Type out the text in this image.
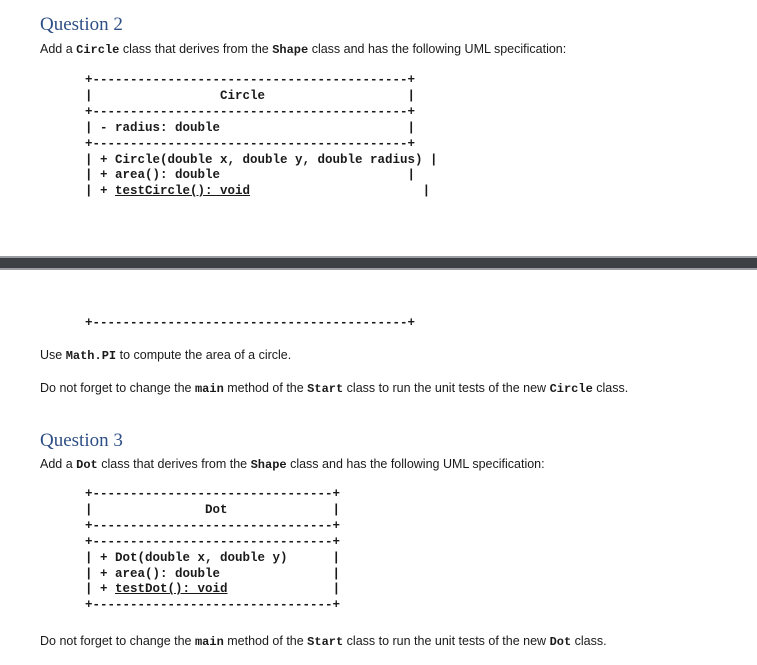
Question 2
Add a Circle class that derives from the Shape class and has the following UML specification:
+------------------------------------------+
|                 Circle                   |
+------------------------------------------+
| - radius: double                         |
+------------------------------------------+
| + Circle(double x, double y, double radius) |
| + area(): double                         |
| + testCircle(): void                       |
+------------------------------------------+
Use Math.PI to compute the area of a circle.
Do not forget to change the main method of the Start class to run the unit tests of the new Circle class.
Question 3
Add a Dot class that derives from the Shape class and has the following UML specification:
+--------------------------------+
|               Dot              |
+--------------------------------+
+--------------------------------+
| + Dot(double x, double y)      |
| + area(): double               |
| + testDot(): void              |
+--------------------------------+
Do not forget to change the main method of the Start class to run the unit tests of the new Dot class.
